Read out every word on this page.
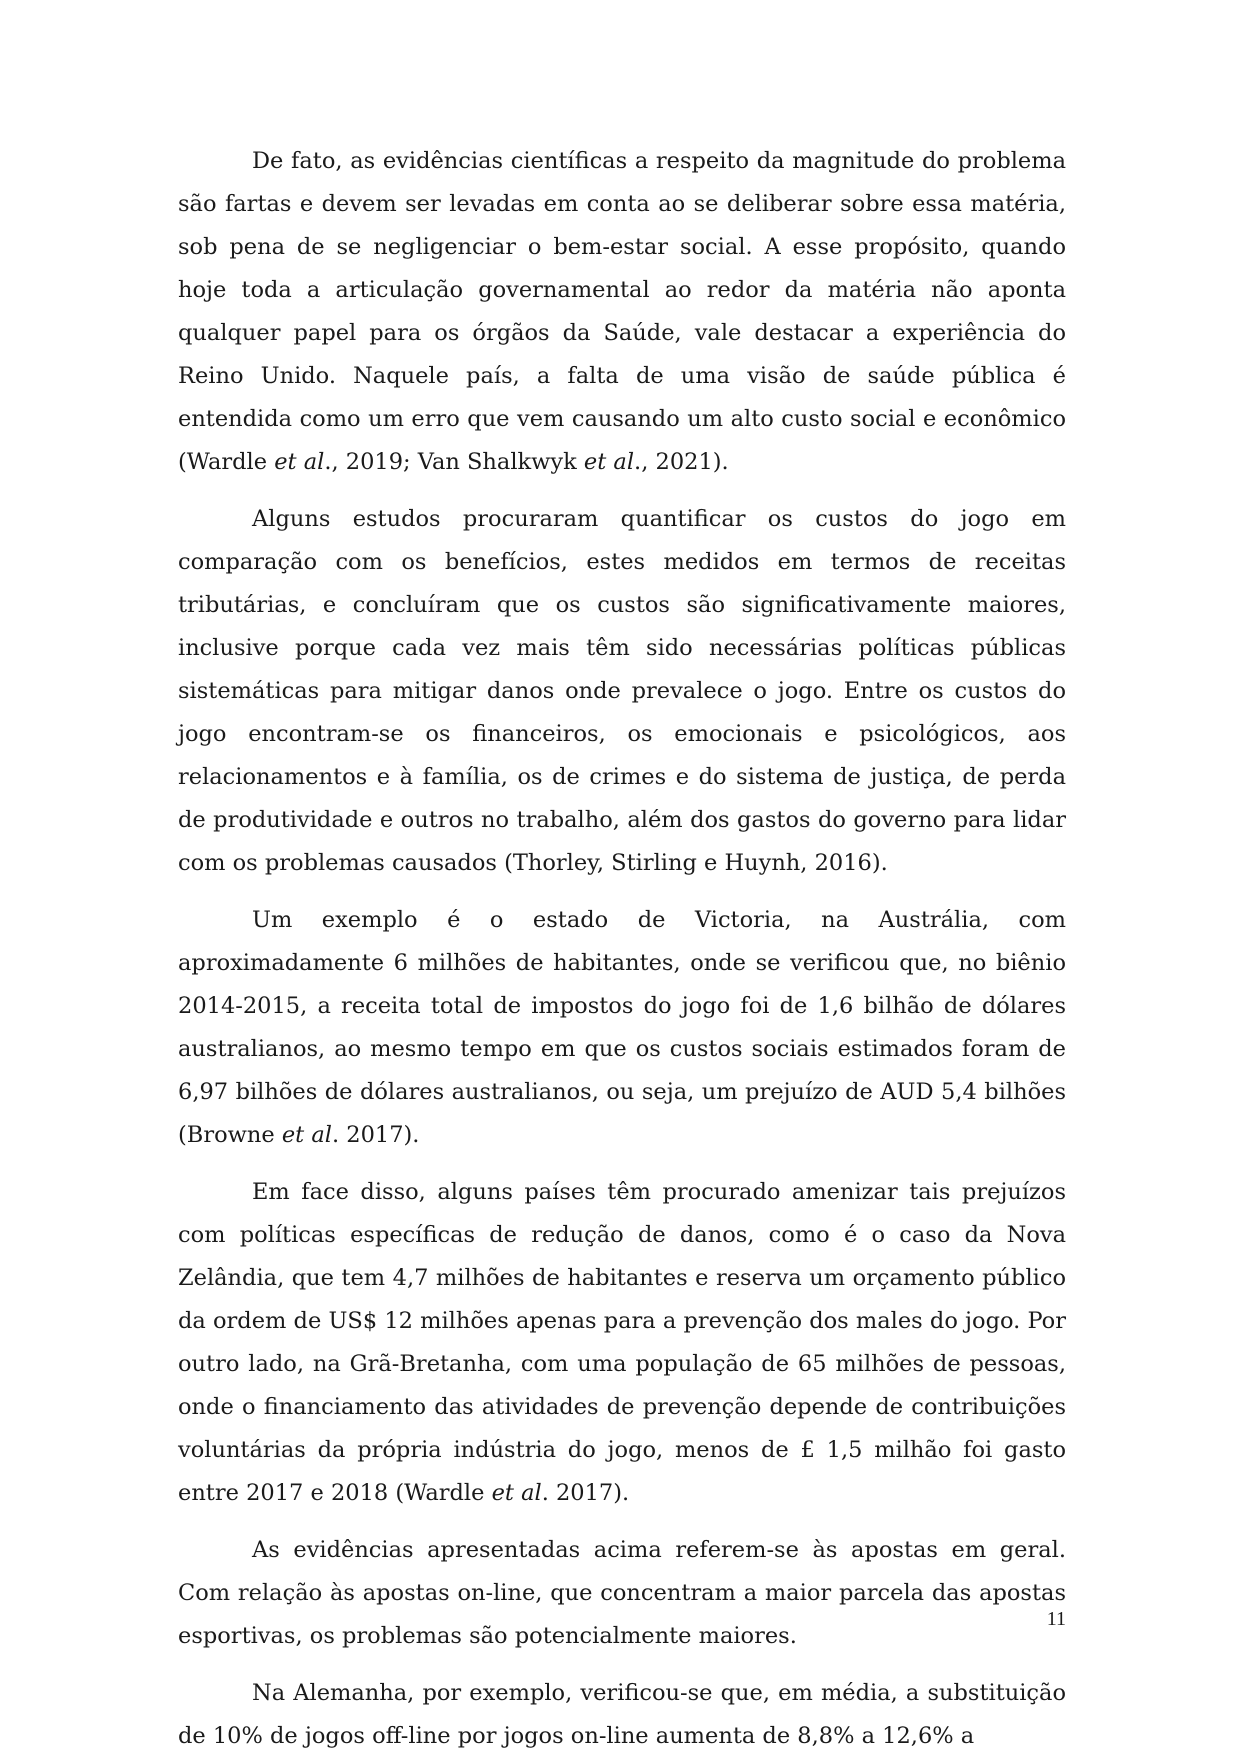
De fato, as evidências científicas a respeito da magnitude do problema são fartas e devem ser levadas em conta ao se deliberar sobre essa matéria, sob pena de se negligenciar o bem-estar social. A esse propósito, quando hoje toda a articulação governamental ao redor da matéria não aponta qualquer papel para os órgãos da Saúde, vale destacar a experiência do Reino Unido. Naquele país, a falta de uma visão de saúde pública é entendida como um erro que vem causando um alto custo social e econômico (Wardle et al., 2019; Van Shalkwyk et al., 2021).

Alguns estudos procuraram quantificar os custos do jogo em comparação com os benefícios, estes medidos em termos de receitas tributárias, e concluíram que os custos são significativamente maiores, inclusive porque cada vez mais têm sido necessárias políticas públicas sistemáticas para mitigar danos onde prevalece o jogo. Entre os custos do jogo encontram-se os financeiros, os emocionais e psicológicos, aos relacionamentos e à família, os de crimes e do sistema de justiça, de perda de produtividade e outros no trabalho, além dos gastos do governo para lidar com os problemas causados (Thorley, Stirling e Huynh, 2016).

Um exemplo é o estado de Victoria, na Austrália, com aproximadamente 6 milhões de habitantes, onde se verificou que, no biênio 2014-2015, a receita total de impostos do jogo foi de 1,6 bilhão de dólares australianos, ao mesmo tempo em que os custos sociais estimados foram de 6,97 bilhões de dólares australianos, ou seja, um prejuízo de AUD 5,4 bilhões (Browne et al. 2017).

Em face disso, alguns países têm procurado amenizar tais prejuízos com políticas específicas de redução de danos, como é o caso da Nova Zelândia, que tem 4,7 milhões de habitantes e reserva um orçamento público da ordem de US$ 12 milhões apenas para a prevenção dos males do jogo. Por outro lado, na Grã-Bretanha, com uma população de 65 milhões de pessoas, onde o financiamento das atividades de prevenção depende de contribuições voluntárias da própria indústria do jogo, menos de £ 1,5 milhão foi gasto entre 2017 e 2018 (Wardle et al. 2017).

As evidências apresentadas acima referem-se às apostas em geral. Com relação às apostas on-line, que concentram a maior parcela das apostas esportivas, os problemas são potencialmente maiores.

Na Alemanha, por exemplo, verificou-se que, em média, a substituição de 10% de jogos off-line por jogos on-line aumenta de 8,8% a 12,6% a

11
